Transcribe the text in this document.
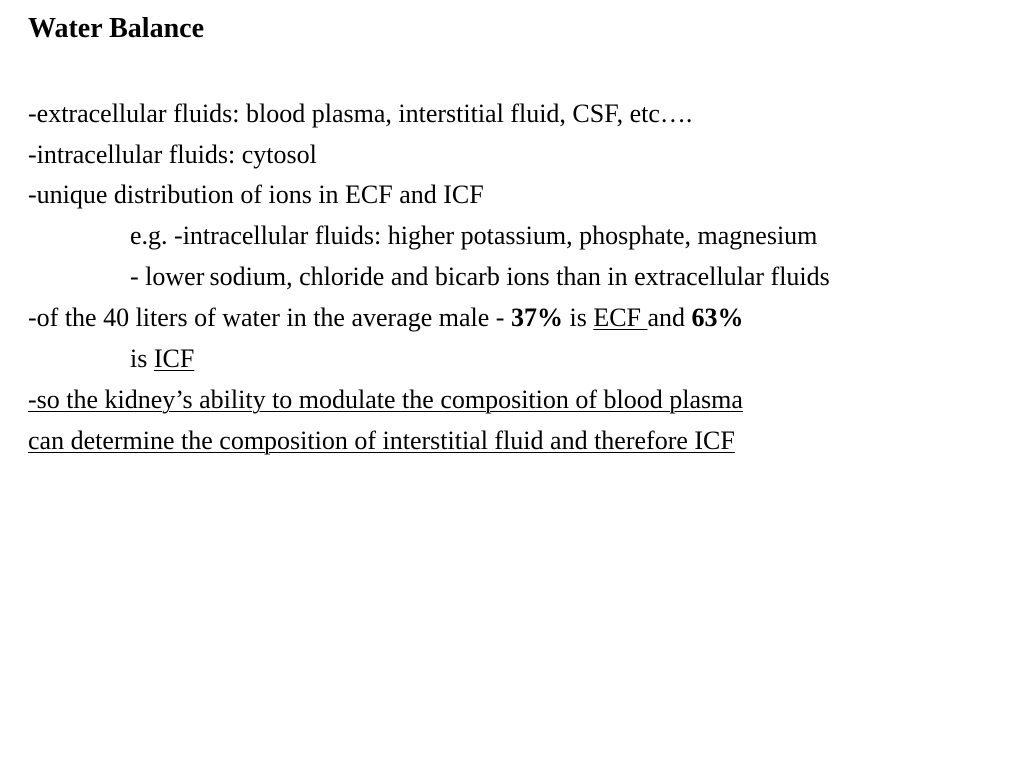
Water Balance
-extracellular fluids: blood plasma, interstitial fluid, CSF, etc….
-intracellular fluids: cytosol
-unique distribution of ions in ECF and ICF
e.g. -intracellular fluids: higher potassium, phosphate, magnesium
- lower sodium, chloride and bicarb ions than in extracellular fluids
-of the 40 liters of water in the average male - 37% is ECF and 63%
is ICF
-so the kidney’s ability to modulate the composition of blood plasma
can determine the composition of interstitial fluid and therefore ICF
